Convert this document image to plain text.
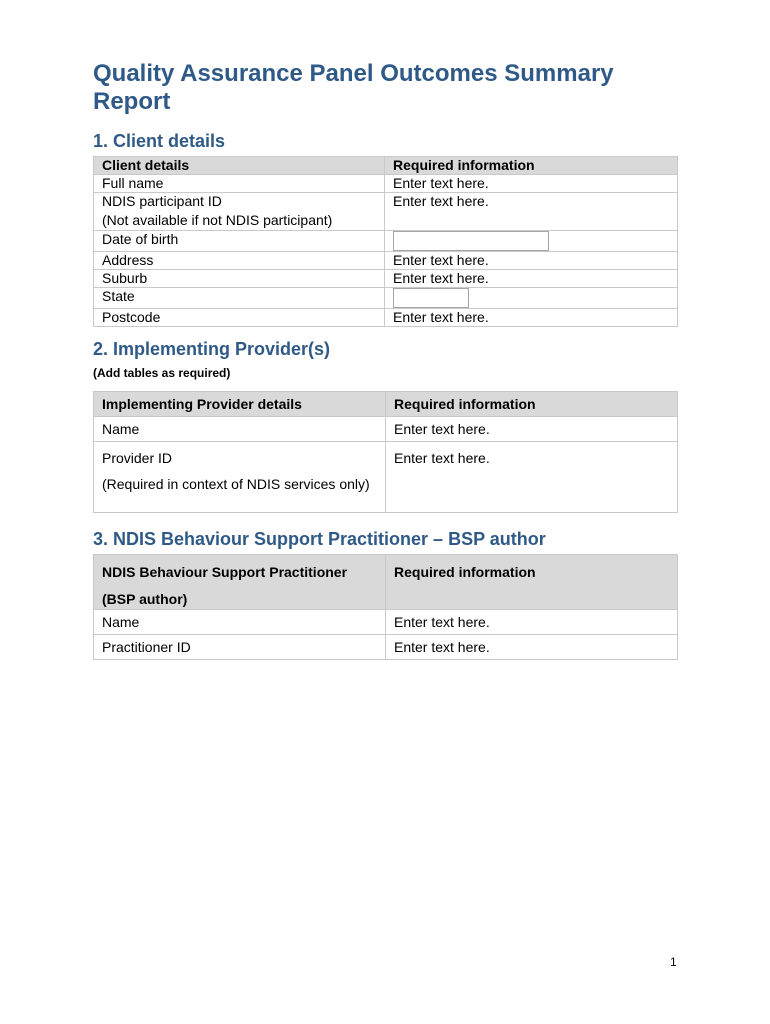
Quality Assurance Panel Outcomes Summary Report
1. Client details
Client details	Required information
Full name	Enter text here.

NDIS participant ID
(Not available if not NDIS participant)	Enter text here.
Date of birth	
Address	Enter text here.
Suburb	Enter text here.
State	
Postcode	Enter text here.
2. Implementing Provider(s)
(Add tables as required)
Implementing Provider details	Required information
Name	Enter text here.

Provider ID
(Required in context of NDIS services only)	Enter text here.
3. NDIS Behaviour Support Practitioner – BSP author
NDIS Behaviour Support Practitioner
(BSP author)	Required information
Name	Enter text here.
Practitioner ID	Enter text here.
1
